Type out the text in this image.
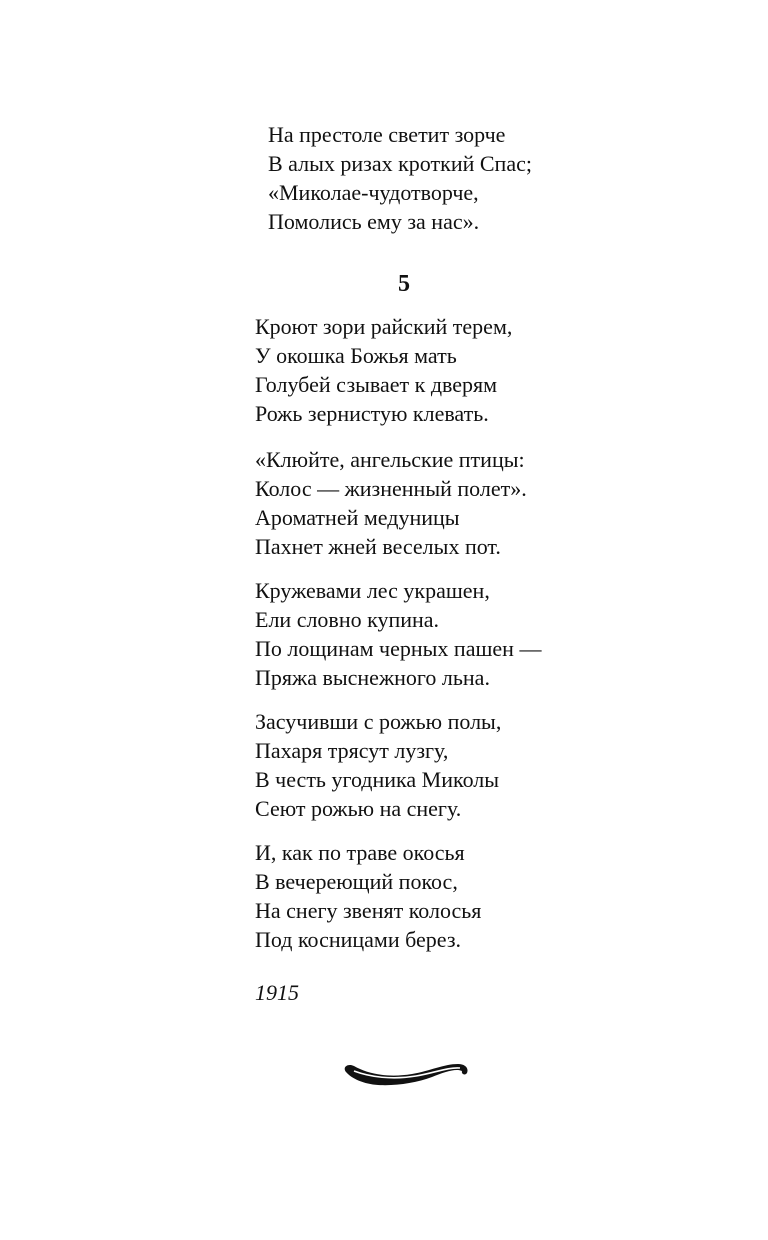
На престоле светит зорче
В алых ризах кроткий Спас;
«Миколае-чудотворче,
Помолись ему за нас».
5
Кроют зори райский терем,
У окошка Божья мать
Голубей сзывает к дверям
Рожь зернистую клевать.
«Клюйте, ангельские птицы:
Колос — жизненный полет».
Ароматней медуницы
Пахнет жней веселых пот.
Кружевами лес украшен,
Ели словно купина.
По лощинам черных пашен —
Пряжа выснежного льна.
Засучивши с рожью полы,
Пахаря трясут лузгу,
В честь угодника Миколы
Сеют рожью на снегу.
И, как по траве окосья
В вечереющий покос,
На снегу звенят колосья
Под косницами берез.
1915
